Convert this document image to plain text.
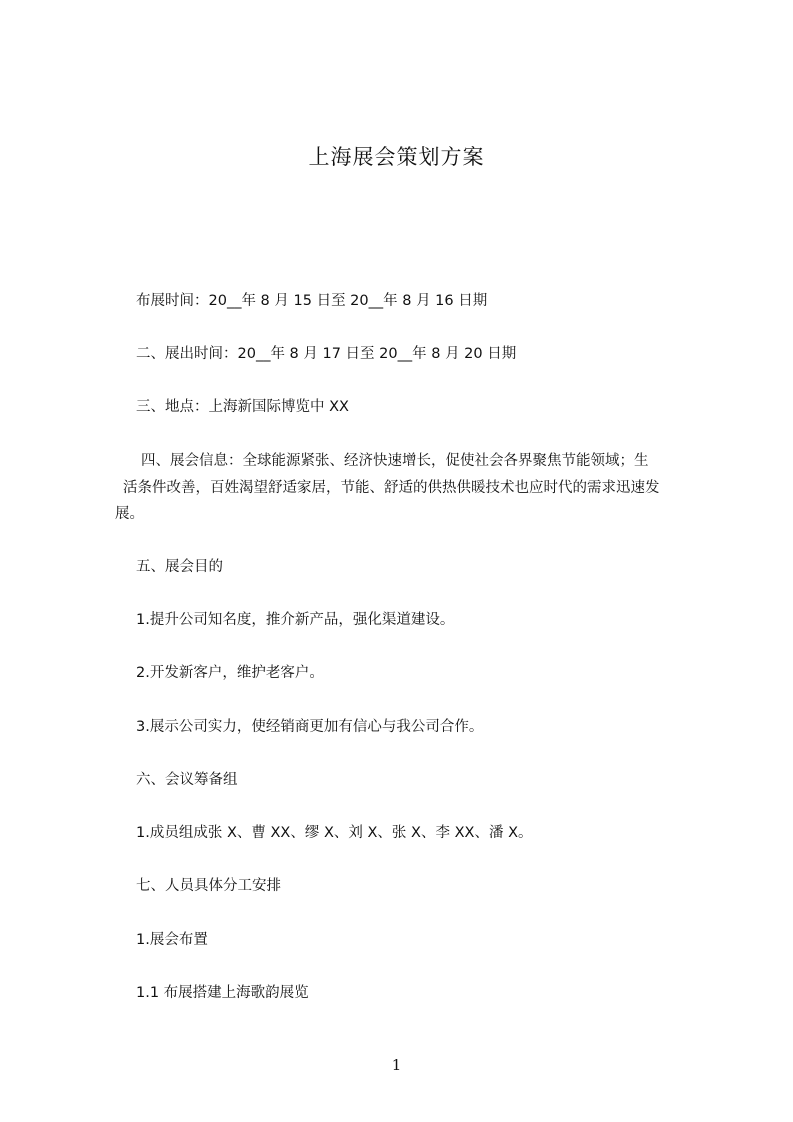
上海展会策划方案
布展时间：20__年 8 月 15 日至 20__年 8 月 16 日期
二、展出时间：20__年 8 月 17 日至 20__年 8 月 20 日期
三、地点：上海新国际博览中 XX
四、展会信息：全球能源紧张、经济快速增长，促使社会各界聚焦节能领域；生
活条件改善，百姓渴望舒适家居，节能、舒适的供热供暖技术也应时代的需求迅速发
展。
五、展会目的
1.提升公司知名度，推介新产品，强化渠道建设。
2.开发新客户，维护老客户。
3.展示公司实力，使经销商更加有信心与我公司合作。
六、会议筹备组
1.成员组成张 X、曹 XX、缪 X、刘 X、张 X、李 XX、潘 X。
七、人员具体分工安排
1.展会布置
1.1 布展搭建上海歌韵展览
1
